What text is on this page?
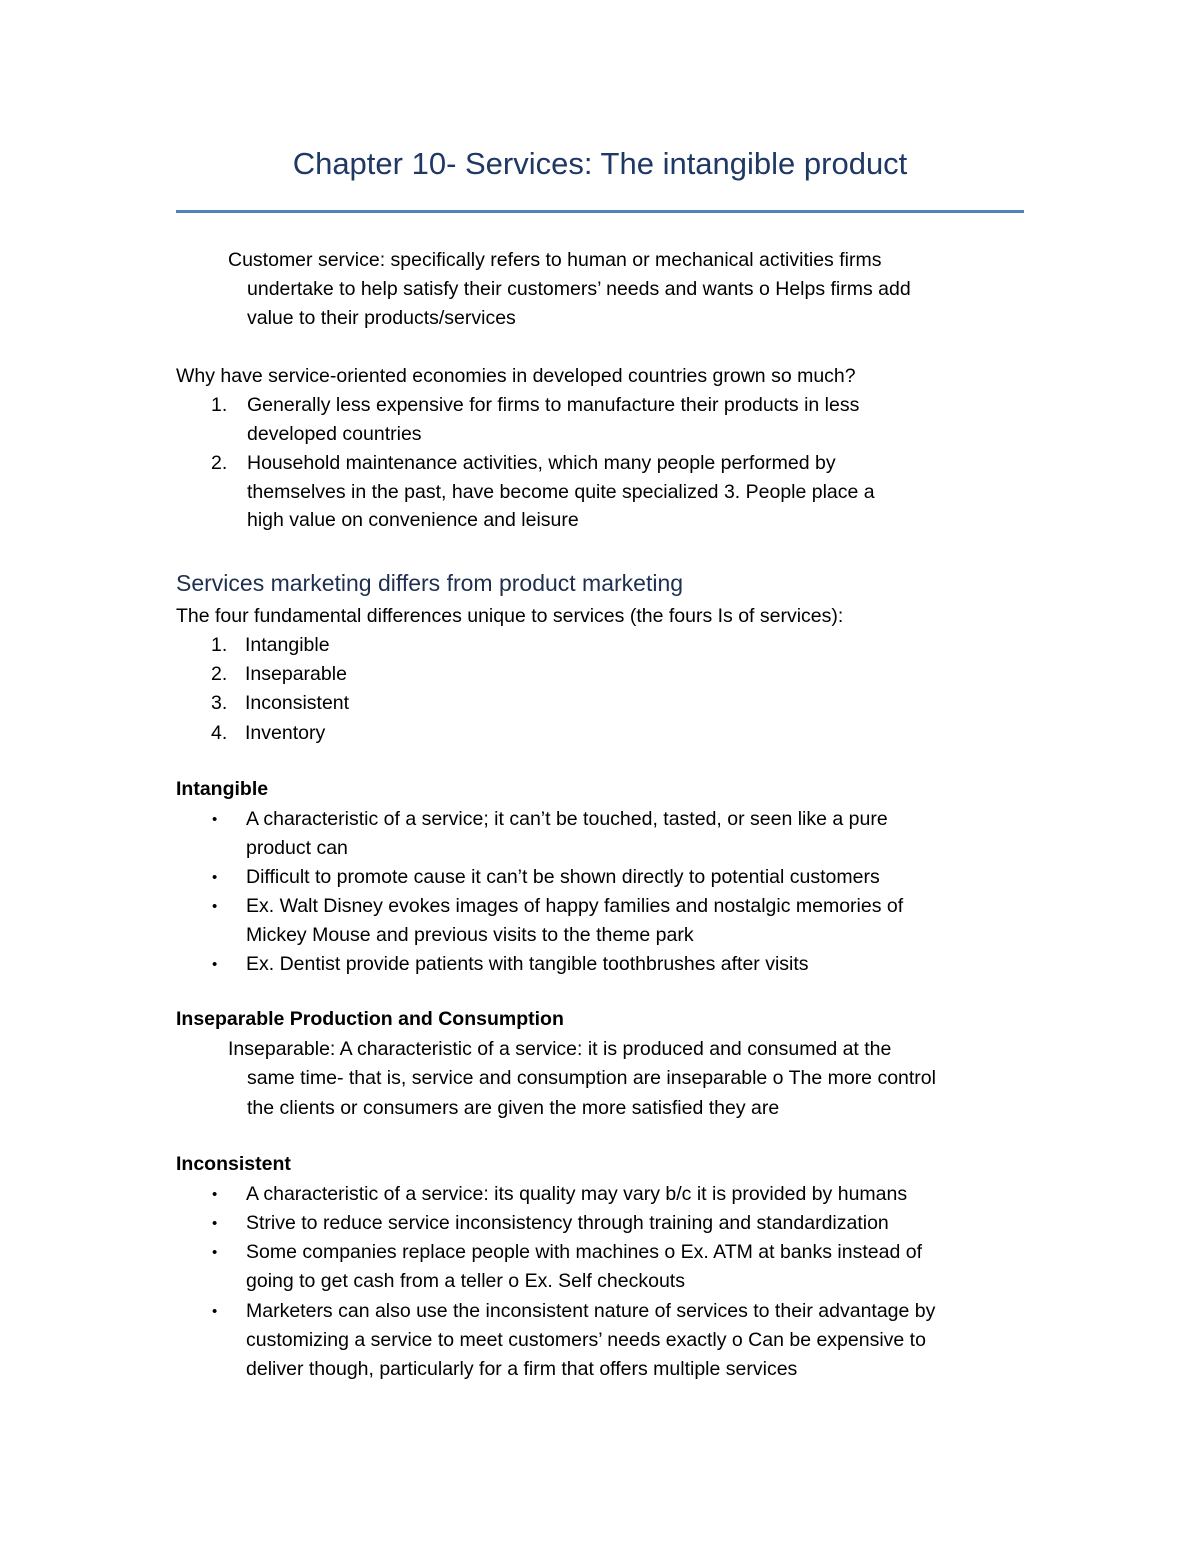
Chapter 10- Services: The intangible product
Customer service: specifically refers to human or mechanical activities firms
undertake to help satisfy their customers’ needs and wants o Helps firms add
value to their products/services
Why have service-oriented economies in developed countries grown so much?
1. Generally less expensive for firms to manufacture their products in less
developed countries
2. Household maintenance activities, which many people performed by
themselves in the past, have become quite specialized 3. People place a
high value on convenience and leisure
Services marketing differs from product marketing
The four fundamental differences unique to services (the fours Is of services):
1. Intangible
2. Inseparable
3. Inconsistent
4. Inventory
Intangible
• A characteristic of a service; it can’t be touched, tasted, or seen like a pure
product can
• Difficult to promote cause it can’t be shown directly to potential customers
• Ex. Walt Disney evokes images of happy families and nostalgic memories of
Mickey Mouse and previous visits to the theme park
• Ex. Dentist provide patients with tangible toothbrushes after visits
Inseparable Production and Consumption
Inseparable: A characteristic of a service: it is produced and consumed at the
same time- that is, service and consumption are inseparable o The more control
the clients or consumers are given the more satisfied they are
Inconsistent
• A characteristic of a service: its quality may vary b/c it is provided by humans
• Strive to reduce service inconsistency through training and standardization
• Some companies replace people with machines o Ex. ATM at banks instead of
going to get cash from a teller o Ex. Self checkouts
• Marketers can also use the inconsistent nature of services to their advantage by
customizing a service to meet customers’ needs exactly o Can be expensive to
deliver though, particularly for a firm that offers multiple services
